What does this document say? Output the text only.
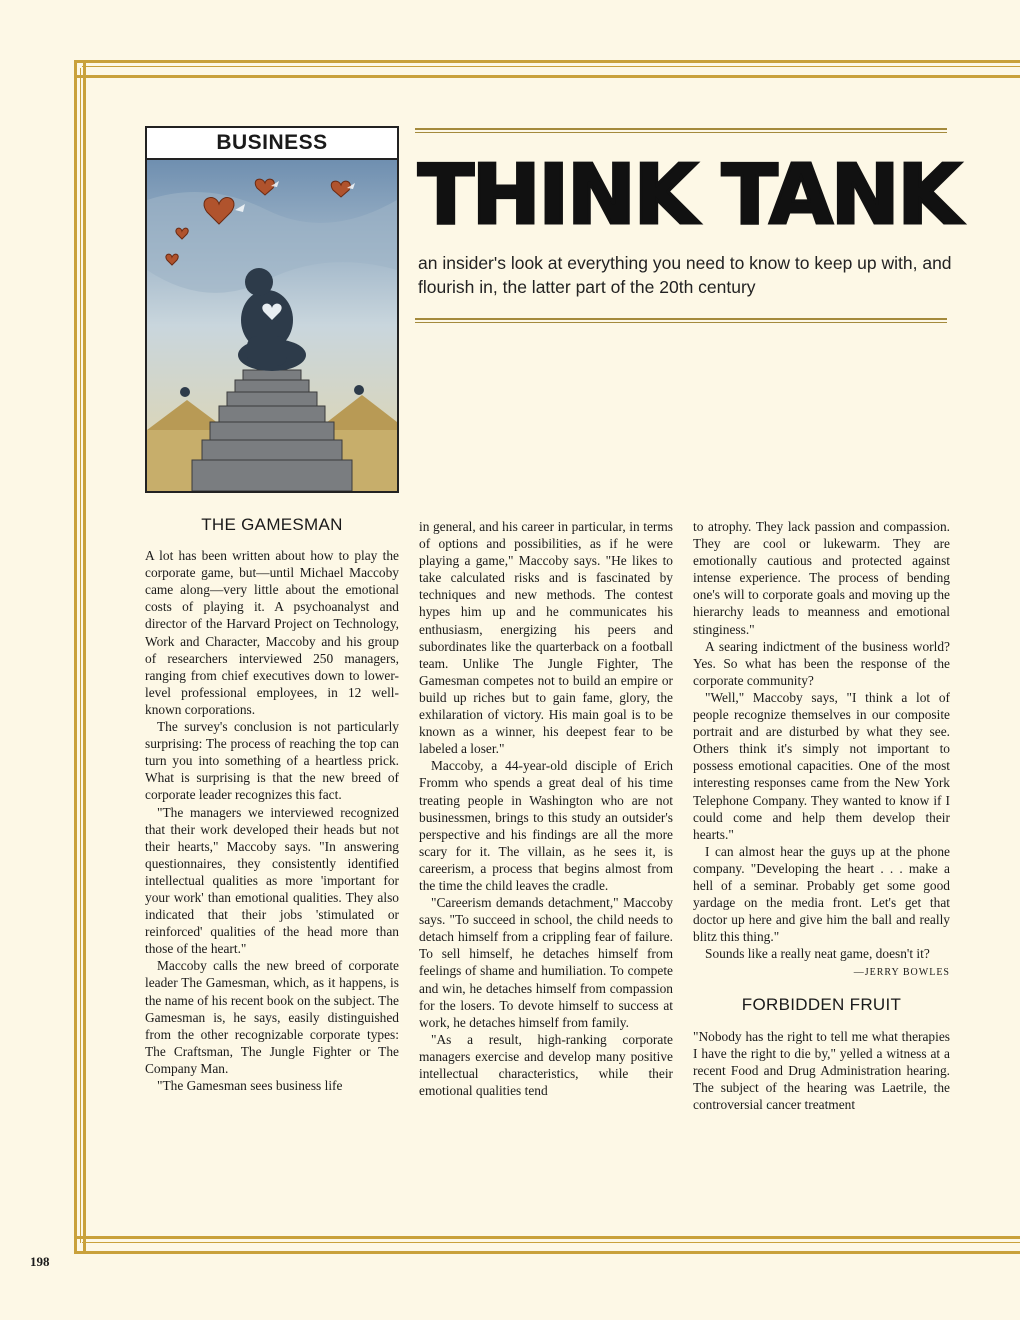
BUSINESS
THINK TANK
an insider's look at everything you need to know to keep up with, and flourish in, the latter part of the 20th century
THE GAMESMAN

A lot has been written about how to play the corporate game, but—until Michael Maccoby came along—very little about the emotional costs of playing it. A psychoanalyst and director of the Harvard Project on Technology, Work and Character, Maccoby and his group of researchers interviewed 250 managers, ranging from chief executives down to lower-level professional employees, in 12 well-known corporations.

The survey's conclusion is not particularly surprising: The process of reaching the top can turn you into something of a heartless prick. What is surprising is that the new breed of corporate leader recognizes this fact.

"The managers we interviewed recognized that their work developed their heads but not their hearts," Maccoby says. "In answering questionnaires, they consistently identified intellectual qualities as more 'important for your work' than emotional qualities. They also indicated that their jobs 'stimulated or reinforced' qualities of the head more than those of the heart."

Maccoby calls the new breed of corporate leader The Gamesman, which, as it happens, is the name of his recent book on the subject. The Gamesman is, he says, easily distinguished from the other recognizable corporate types: The Craftsman, The Jungle Fighter or The Company Man.

"The Gamesman sees business life

in general, and his career in particular, in terms of options and possibilities, as if he were playing a game," Maccoby says. "He likes to take calculated risks and is fascinated by techniques and new methods. The contest hypes him up and he communicates his enthusiasm, energizing his peers and subordinates like the quarterback on a football team. Unlike The Jungle Fighter, The Gamesman competes not to build an empire or build up riches but to gain fame, glory, the exhilaration of victory. His main goal is to be known as a winner, his deepest fear to be labeled a loser."

Maccoby, a 44-year-old disciple of Erich Fromm who spends a great deal of his time treating people in Washington who are not businessmen, brings to this study an outsider's perspective and his findings are all the more scary for it. The villain, as he sees it, is careerism, a process that begins almost from the time the child leaves the cradle.

"Careerism demands detachment," Maccoby says. "To succeed in school, the child needs to detach himself from a crippling fear of failure. To sell himself, he detaches himself from feelings of shame and humiliation. To compete and win, he detaches himself from compassion for the losers. To devote himself to success at work, he detaches himself from family.

"As a result, high-ranking corporate managers exercise and develop many positive intellectual characteristics, while their emotional qualities tend

to atrophy. They lack passion and compassion. They are cool or lukewarm. They are emotionally cautious and protected against intense experience. The process of bending one's will to corporate goals and moving up the hierarchy leads to meanness and emotional stinginess."

A searing indictment of the business world? Yes. So what has been the response of the corporate community?

"Well," Maccoby says, "I think a lot of people recognize themselves in our composite portrait and are disturbed by what they see. Others think it's simply not important to possess emotional capacities. One of the most interesting responses came from the New York Telephone Company. They wanted to know if I could come and help them develop their hearts."

I can almost hear the guys up at the phone company. "Developing the heart . . . make a hell of a seminar. Probably get some good yardage on the media front. Let's get that doctor up here and give him the ball and really blitz this thing."

Sounds like a really neat game, doesn't it?
—JERRY BOWLES

FORBIDDEN FRUIT

"Nobody has the right to tell me what therapies I have the right to die by," yelled a witness at a recent Food and Drug Administration hearing. The subject of the hearing was Laetrile, the controversial cancer treatment

198
